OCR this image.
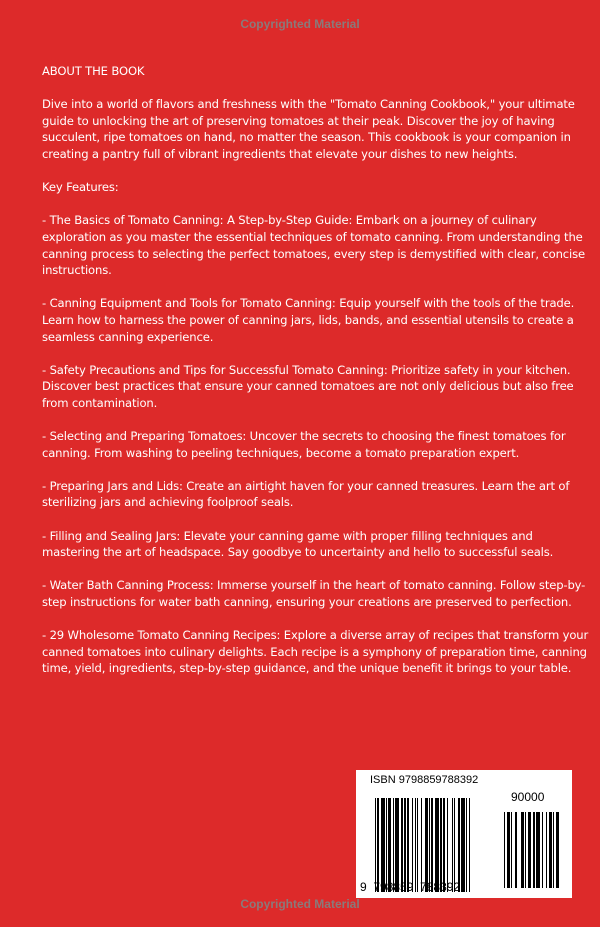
Copyrighted Material

ABOUT THE BOOK

Dive into a world of flavors and freshness with the "Tomato Canning Cookbook," your ultimate guide to unlocking the art of preserving tomatoes at their peak. Discover the joy of having succulent, ripe tomatoes on hand, no matter the season. This cookbook is your companion in creating a pantry full of vibrant ingredients that elevate your dishes to new heights.

Key Features:

- The Basics of Tomato Canning: A Step-by-Step Guide: Embark on a journey of culinary exploration as you master the essential techniques of tomato canning. From understanding the canning process to selecting the perfect tomatoes, every step is demystified with clear, concise instructions.

- Canning Equipment and Tools for Tomato Canning: Equip yourself with the tools of the trade. Learn how to harness the power of canning jars, lids, bands, and essential utensils to create a seamless canning experience.

- Safety Precautions and Tips for Successful Tomato Canning: Prioritize safety in your kitchen. Discover best practices that ensure your canned tomatoes are not only delicious but also free from contamination.

- Selecting and Preparing Tomatoes: Uncover the secrets to choosing the finest tomatoes for canning. From washing to peeling techniques, become a tomato preparation expert.

- Preparing Jars and Lids: Create an airtight haven for your canned treasures. Learn the art of sterilizing jars and achieving foolproof seals.

- Filling and Sealing Jars: Elevate your canning game with proper filling techniques and mastering the art of headspace. Say goodbye to uncertainty and hello to successful seals.

- Water Bath Canning Process: Immerse yourself in the heart of tomato canning. Follow step-by-step instructions for water bath canning, ensuring your creations are preserved to perfection.

- 29 Wholesome Tomato Canning Recipes: Explore a diverse array of recipes that transform your canned tomatoes into culinary delights. Each recipe is a symphony of preparation time, canning time, yield, ingredients, step-by-step guidance, and the unique benefit it brings to your table.

ISBN 9798859788392
90000
9  798859  788392
Copyrighted Material
